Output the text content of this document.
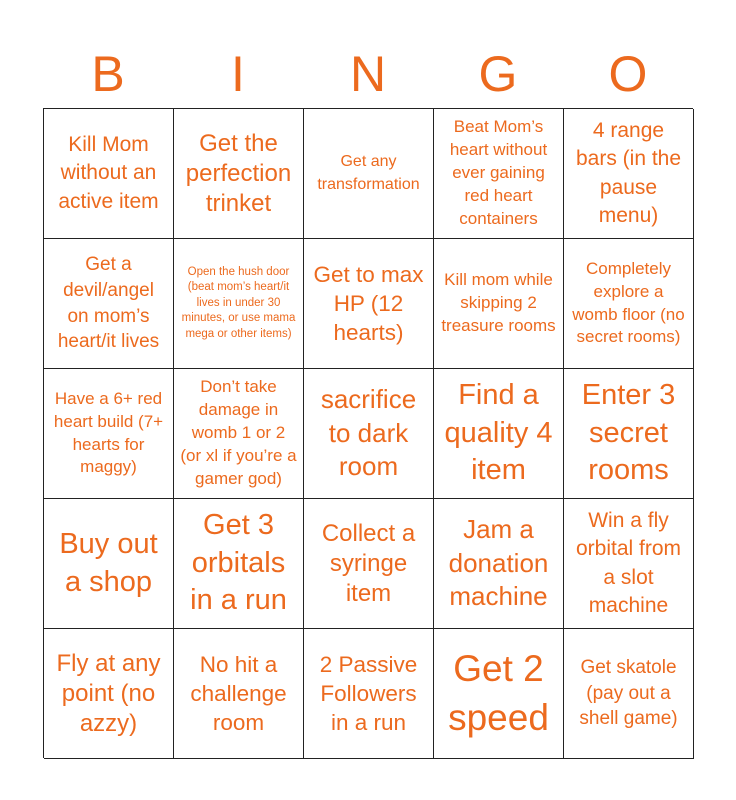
B	I	N	G	O
Kill Mom without an active item
Get the perfection trinket
Get any transformation
Beat Mom’s heart without ever gaining red heart containers
4 range bars (in the pause menu)
Get a devil/angel on mom’s heart/it lives
Open the hush door (beat mom’s heart/it lives in under 30 minutes, or use mama mega or other items)
Get to max HP (12 hearts)
Kill mom while skipping 2 treasure rooms
Completely explore a womb floor (no secret rooms)
Have a 6+ red heart build (7+ hearts for maggy)
Don’t take damage in womb 1 or 2 (or xl if you’re a gamer god)
sacrifice to dark room
Find a quality 4 item
Enter 3 secret rooms
Buy out a shop
Get 3 orbitals in a run
Collect a syringe item
Jam a donation machine
Win a fly orbital from a slot machine
Fly at any point (no azzy)
No hit a challenge room
2 Passive Followers in a run
Get 2 speed
Get skatole (pay out a shell game)
